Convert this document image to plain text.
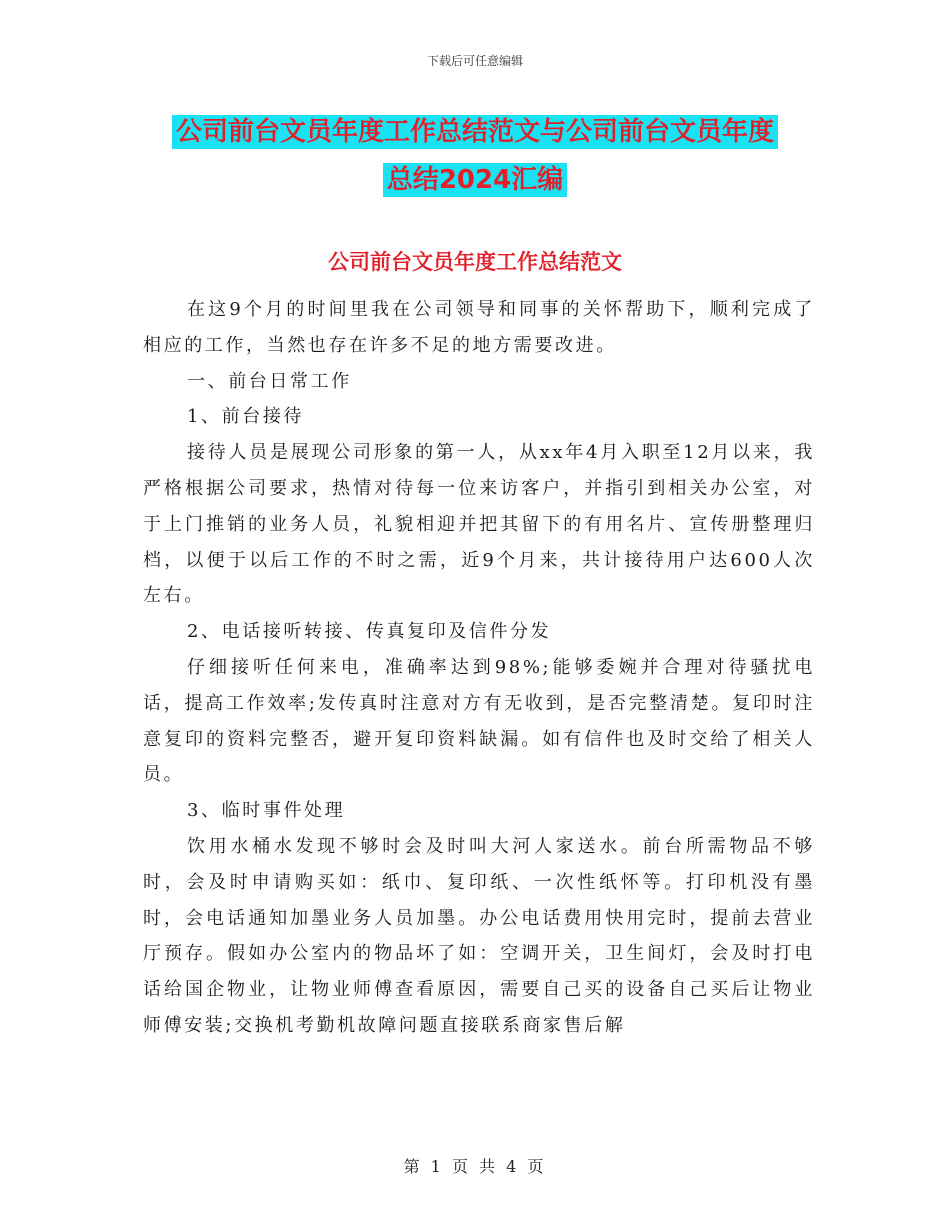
下载后可任意编辑
公司前台文员年度工作总结范文与公司前台文员年度
总结2024汇编
公司前台文员年度工作总结范文

在这9个月的时间里我在公司领导和同事的关怀帮助下，顺利完成了相应的工作，当然也存在许多不足的地方需要改进。

一、前台日常工作

1、前台接待

接待人员是展现公司形象的第一人，从xx年4月入职至12月以来，我严格根据公司要求，热情对待每一位来访客户，并指引到相关办公室，对于上门推销的业务人员，礼貌相迎并把其留下的有用名片、宣传册整理归档，以便于以后工作的不时之需，近9个月来，共计接待用户达600人次左右。

2、电话接听转接、传真复印及信件分发

仔细接听任何来电，准确率达到98%;能够委婉并合理对待骚扰电话，提高工作效率;发传真时注意对方有无收到，是否完整清楚。复印时注意复印的资料完整否，避开复印资料缺漏。如有信件也及时交给了相关人员。

3、临时事件处理

饮用水桶水发现不够时会及时叫大河人家送水。前台所需物品不够时，会及时申请购买如：纸巾、复印纸、一次性纸怀等。打印机没有墨时，会电话通知加墨业务人员加墨。办公电话费用快用完时，提前去营业厅预存。假如办公室内的物品坏了如：空调开关，卫生间灯，会及时打电话给国企物业，让物业师傅查看原因，需要自己买的设备自己买后让物业师傅安装;交换机考勤机故障问题直接联系商家售后解

第 1 页 共 4 页
